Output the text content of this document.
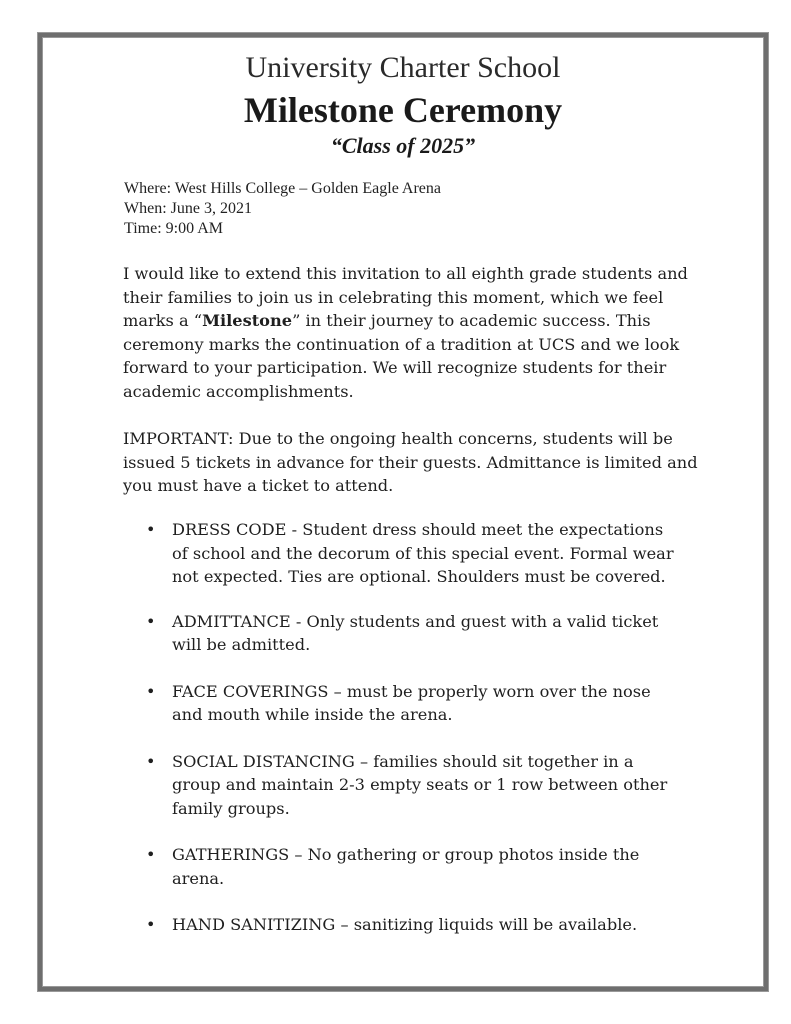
University Charter School
Milestone Ceremony
“Class of 2025”
Where: West Hills College – Golden Eagle Arena
When: June 3, 2021
Time: 9:00 AM

I would like to extend this invitation to all eighth grade students and their families to join us in celebrating this moment, which we feel marks a “Milestone” in their journey to academic success. This ceremony marks the continuation of a tradition at UCS and we look forward to your participation. We will recognize students for their academic accomplishments.

IMPORTANT: Due to the ongoing health concerns, students will be issued 5 tickets in advance for their guests. Admittance is limited and you must have a ticket to attend.

• DRESS CODE - Student dress should meet the expectations of school and the decorum of this special event. Formal wear not expected. Ties are optional. Shoulders must be covered.
• ADMITTANCE - Only students and guest with a valid ticket will be admitted.
• FACE COVERINGS – must be properly worn over the nose and mouth while inside the arena.
• SOCIAL DISTANCING – families should sit together in a group and maintain 2-3 empty seats or 1 row between other family groups.
• GATHERINGS – No gathering or group photos inside the arena.
• HAND SANITIZING – sanitizing liquids will be available.
